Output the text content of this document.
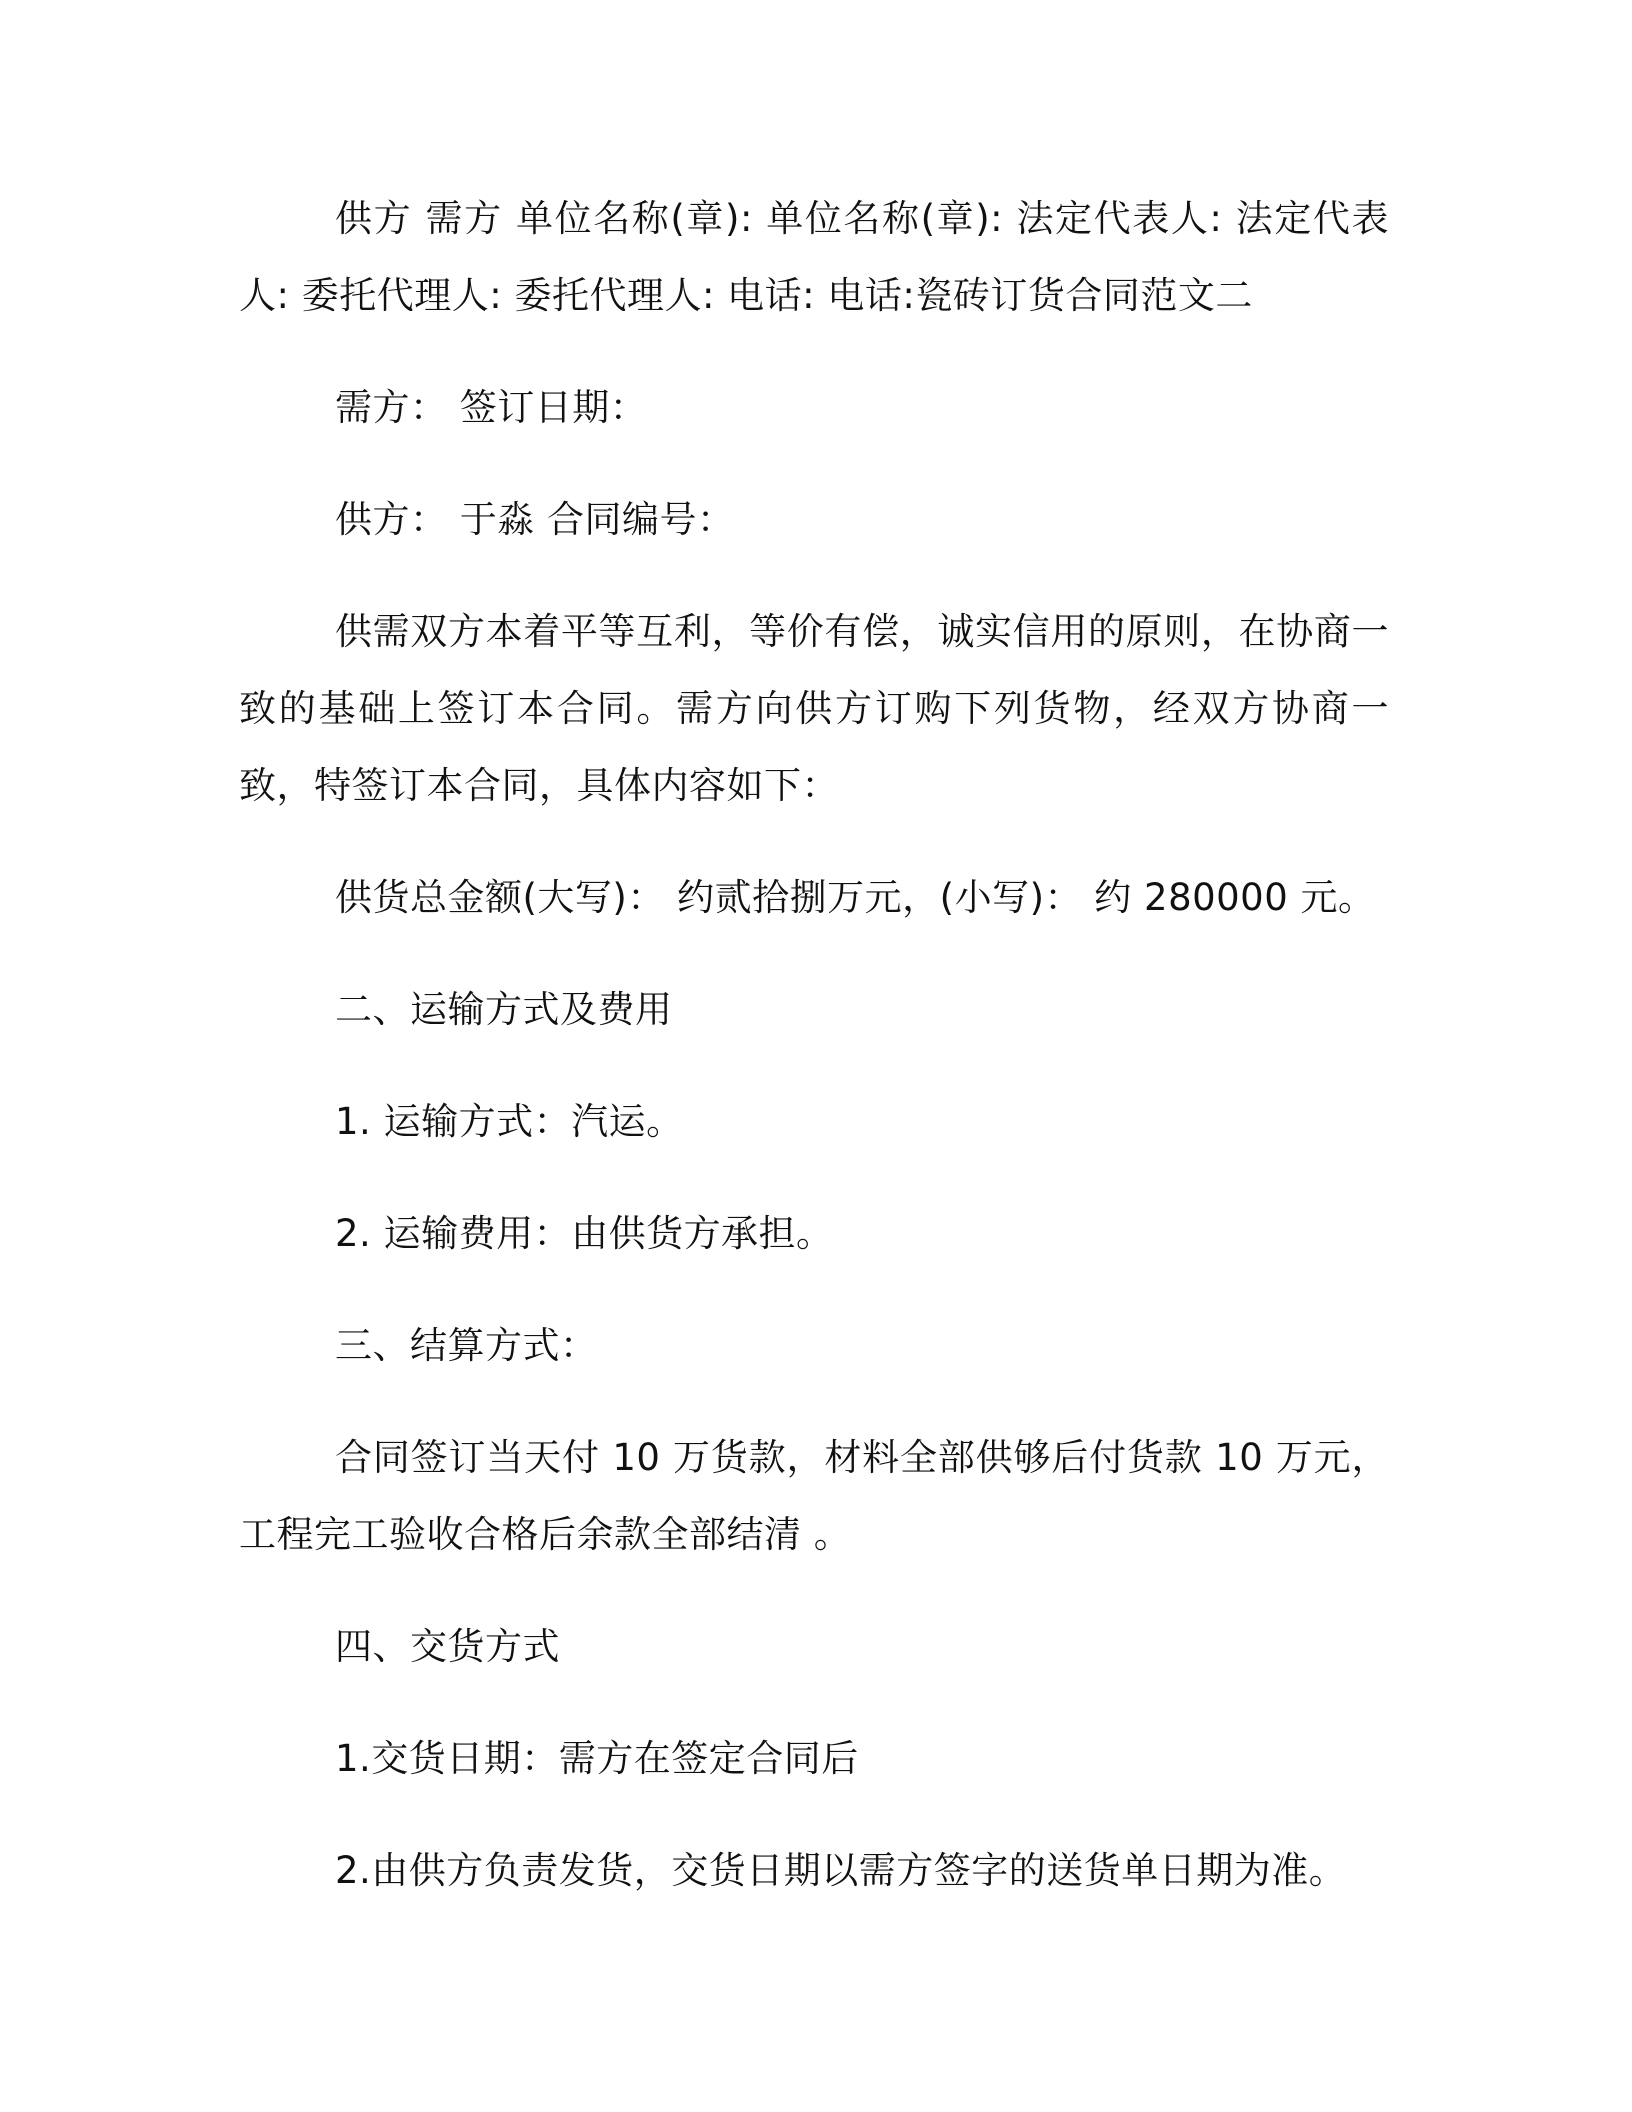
供方 需方 单位名称(章): 单位名称(章): 法定代表人: 法定代表人: 委托代理人: 委托代理人: 电话: 电话:瓷砖订货合同范文二

需方： 签订日期：

供方： 于淼 合同编号：

供需双方本着平等互利，等价有偿，诚实信用的原则，在协商一致的基础上签订本合同。需方向供方订购下列货物，经双方协商一致，特签订本合同，具体内容如下：

供货总金额(大写)： 约贰拾捌万元，(小写)： 约 280000 元。

二、运输方式及费用

1. 运输方式：汽运。

2. 运输费用：由供货方承担。

三、结算方式：

合同签订当天付 10 万货款，材料全部供够后付货款 10 万元，工程完工验收合格后余款全部结清 。

四、交货方式

1.交货日期：需方在签定合同后

2.由供方负责发货，交货日期以需方签字的送货单日期为准。
